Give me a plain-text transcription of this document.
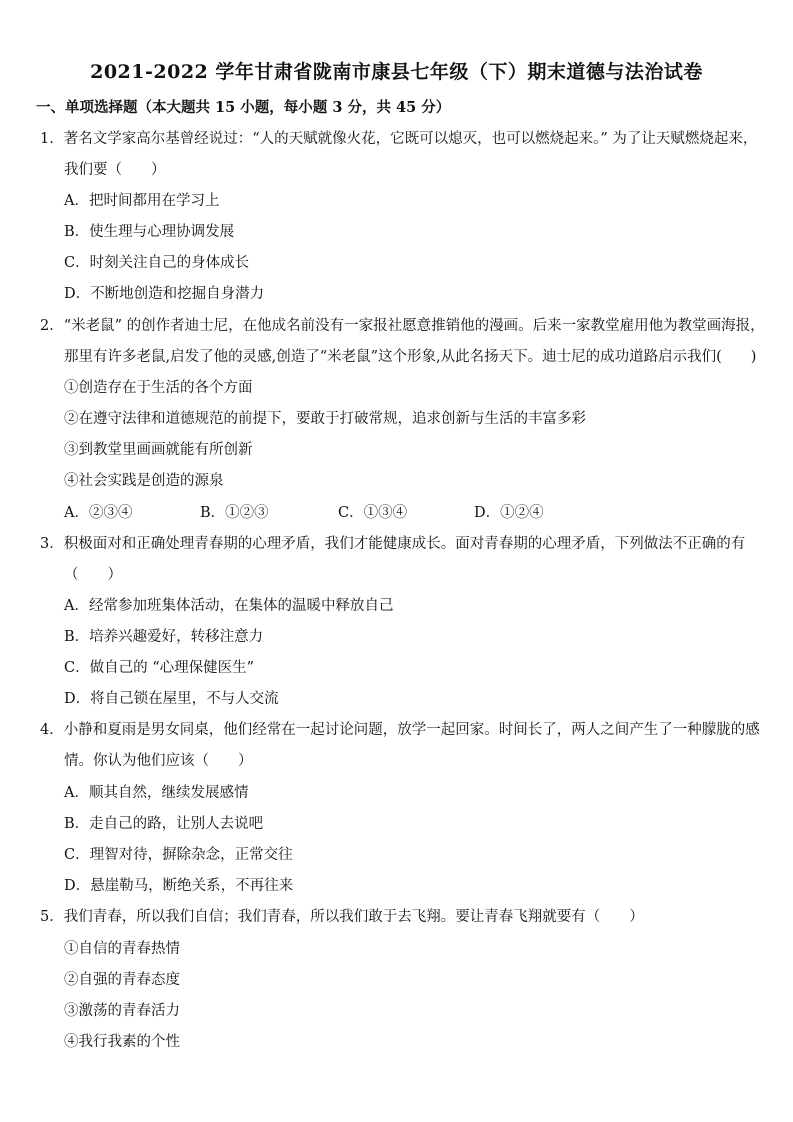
2021-2022 学年甘肃省陇南市康县七年级（下）期末道德与法治试卷
一、单项选择题（本大题共 15 小题，每小题 3 分，共 45 分）
1．著名文学家高尔基曾经说过：“人的天赋就像火花，它既可以熄灭，也可以燃烧起来。” 为了让天赋燃烧起来，
我们要（　　）
A．把时间都用在学习上
B．使生理与心理协调发展
C．时刻关注自己的身体成长
D．不断地创造和挖掘自身潜力
2．“米老鼠” 的创作者迪士尼，在他成名前没有一家报社愿意推销他的漫画。后来一家教堂雇用他为教堂画海报，
那里有许多老鼠,启发了他的灵感,创造了“米老鼠”这个形象,从此名扬天下。迪士尼的成功道路启示我们(　　)
①创造存在于生活的各个方面
②在遵守法律和道德规范的前提下，要敢于打破常规，追求创新与生活的丰富多彩
③到教堂里画画就能有所创新
④社会实践是创造的源泉
A．②③④	B．①②③	C．①③④	D．①②④
3．积极面对和正确处理青春期的心理矛盾，我们才能健康成长。面对青春期的心理矛盾，下列做法不正确的有
（　　）
A．经常参加班集体活动，在集体的温暖中释放自己
B．培养兴趣爱好，转移注意力
C．做自己的 “心理保健医生”
D．将自己锁在屋里，不与人交流
4．小静和夏雨是男女同桌，他们经常在一起讨论问题，放学一起回家。时间长了，两人之间产生了一种朦胧的感
情。你认为他们应该（　　）
A．顺其自然，继续发展感情
B．走自己的路，让别人去说吧
C．理智对待，摒除杂念，正常交往
D．悬崖勒马，断绝关系，不再往来
5．我们青春，所以我们自信；我们青春，所以我们敢于去飞翔。要让青春飞翔就要有（　　）
①自信的青春热情
②自强的青春态度
③激荡的青春活力
④我行我素的个性
